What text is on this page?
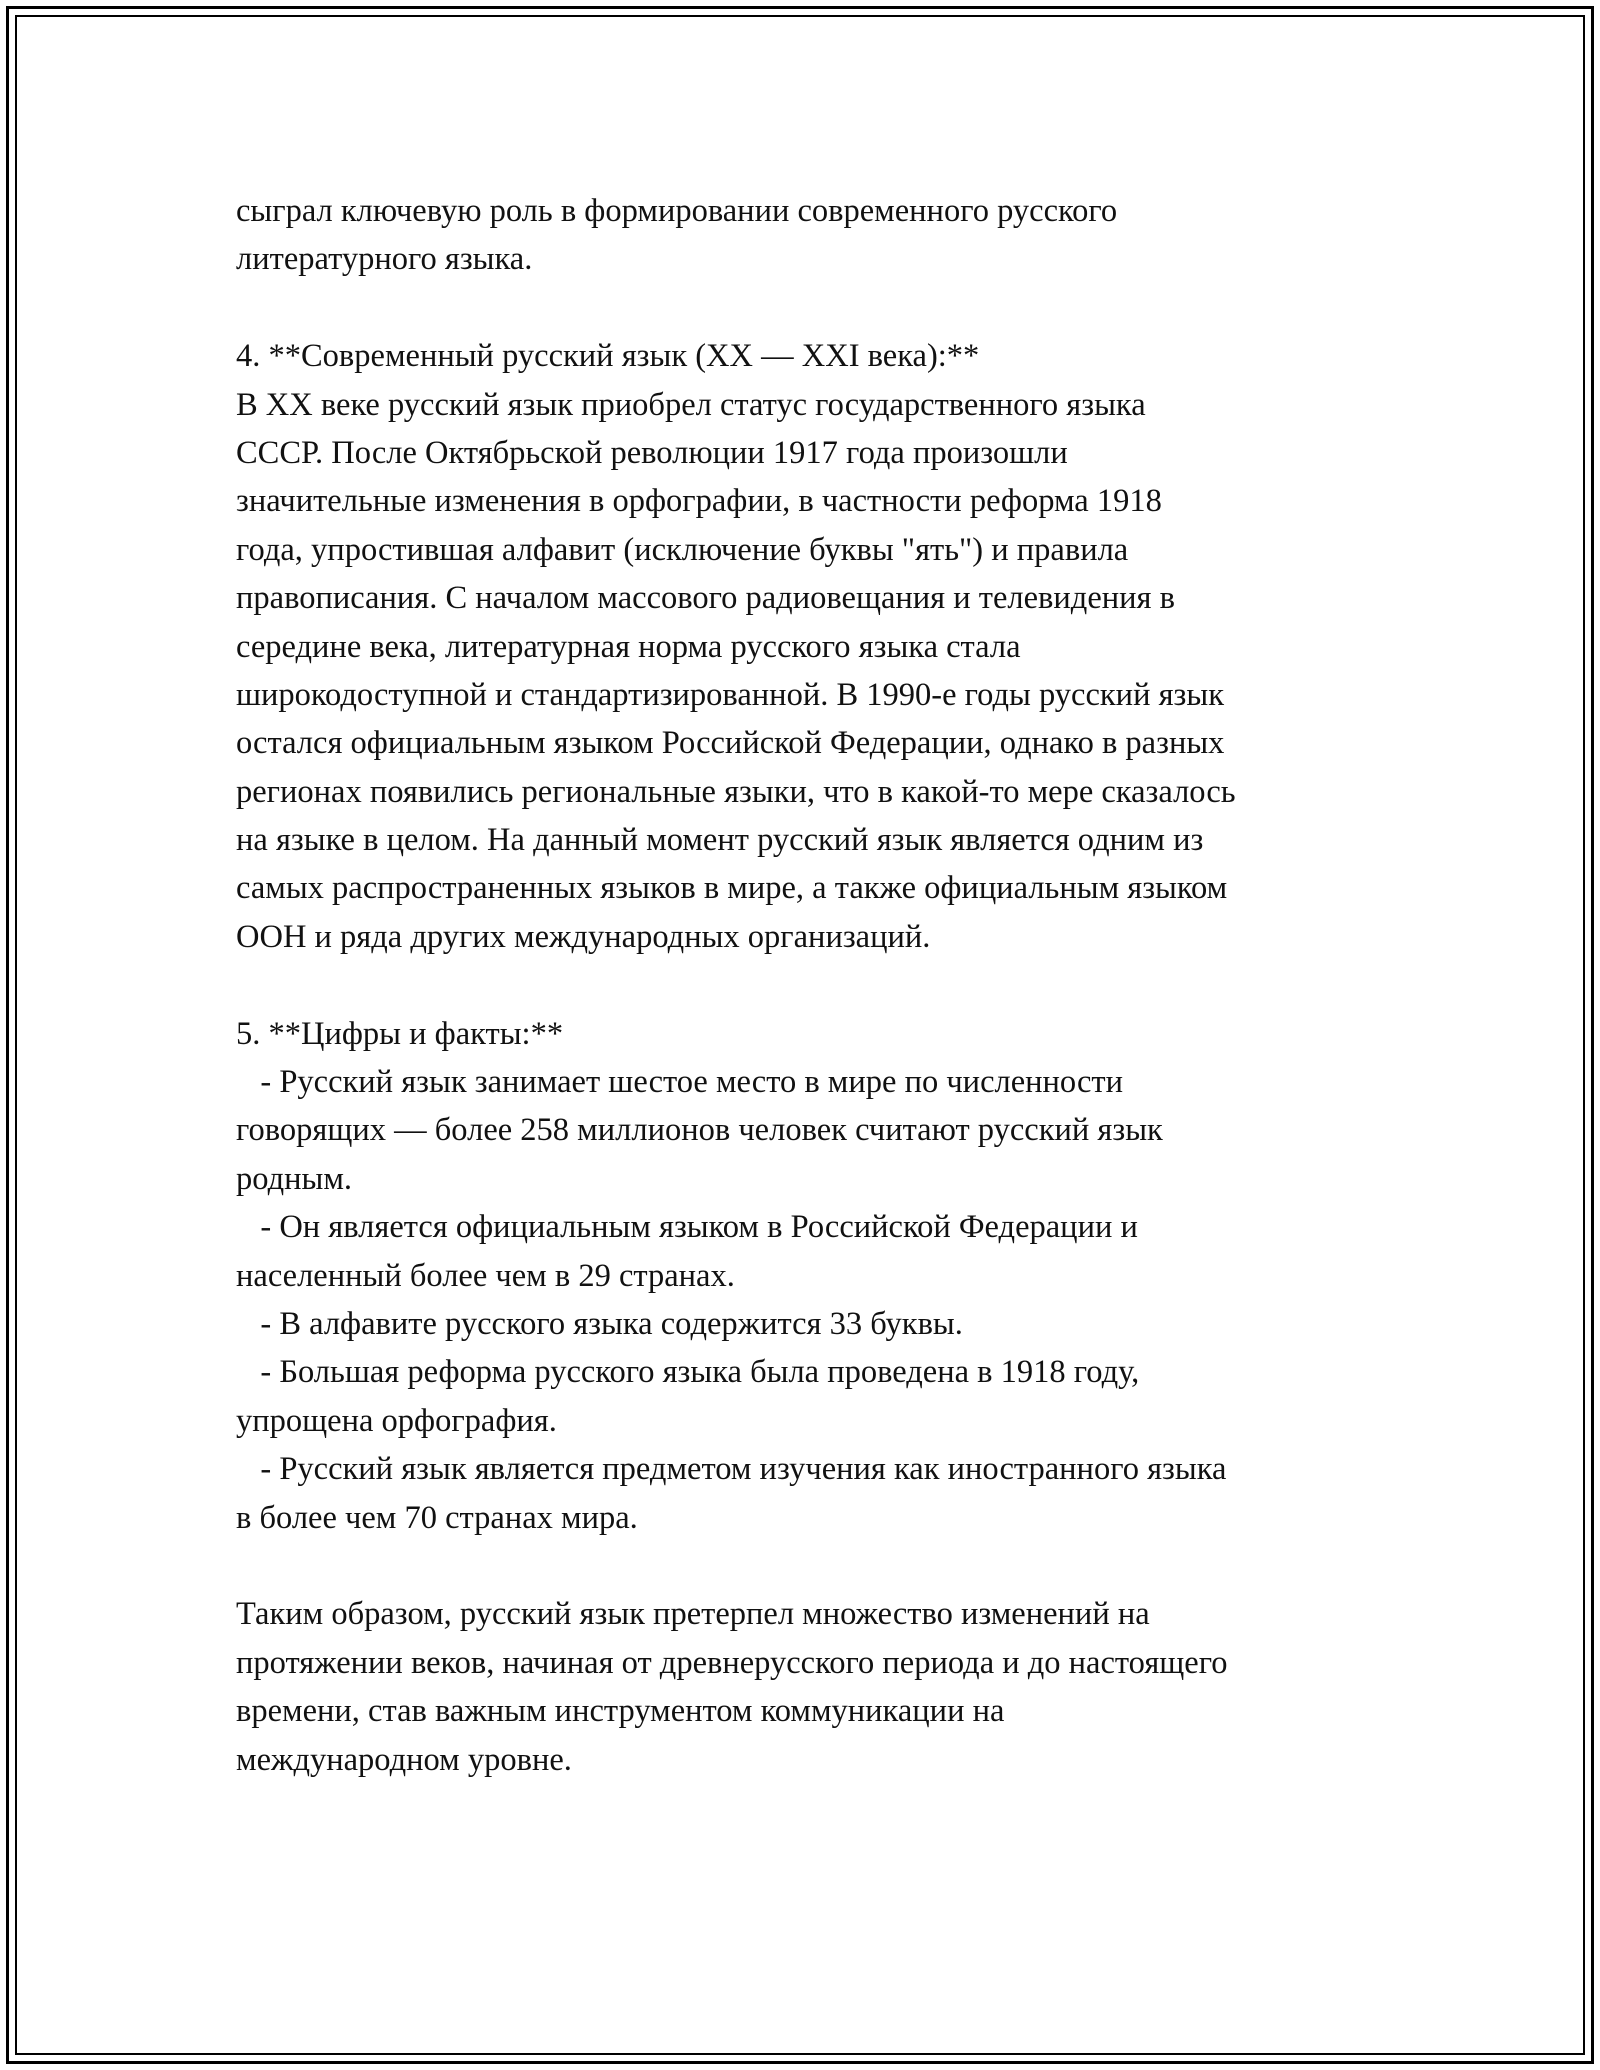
сыграл ключевую роль в формировании современного русского
литературного языка.
4. **Современный русский язык (XX — XXI века):**
В XX веке русский язык приобрел статус государственного языка
СССР. После Октябрьской революции 1917 года произошли
значительные изменения в орфографии, в частности реформа 1918
года, упростившая алфавит (исключение буквы "ять") и правила
правописания. С началом массового радиовещания и телевидения в
середине века, литературная норма русского языка стала
широкодоступной и стандартизированной. В 1990-е годы русский язык
остался официальным языком Российской Федерации, однако в разных
регионах появились региональные языки, что в какой-то мере сказалось
на языке в целом. На данный момент русский язык является одним из
самых распространенных языков в мире, а также официальным языком
ООН и ряда других международных организаций.
5. **Цифры и факты:**
- Русский язык занимает шестое место в мире по численности
говорящих — более 258 миллионов человек считают русский язык
родным.
- Он является официальным языком в Российской Федерации и
населенный более чем в 29 странах.
- В алфавите русского языка содержится 33 буквы.
- Большая реформа русского языка была проведена в 1918 году,
упрощена орфография.
- Русский язык является предметом изучения как иностранного языка
в более чем 70 странах мира.
Таким образом, русский язык претерпел множество изменений на
протяжении веков, начиная от древнерусского периода и до настоящего
времени, став важным инструментом коммуникации на
международном уровне.
